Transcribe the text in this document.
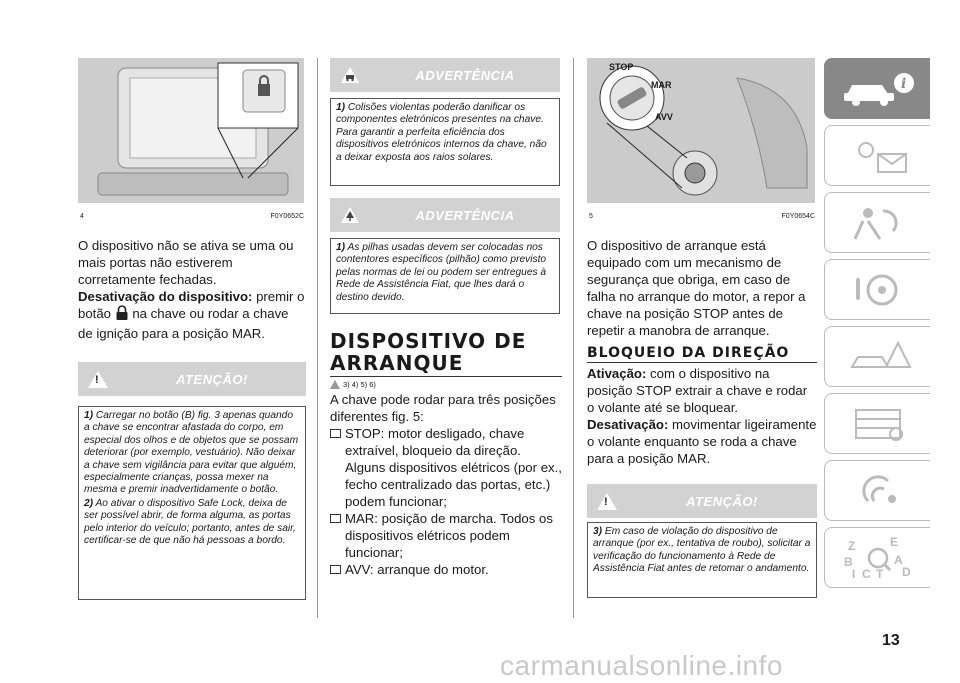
4	F0Y0652C

O dispositivo não se ativa se uma ou mais portas não estiverem corretamente fechadas.

Desativação do dispositivo: premir o botão  na chave ou rodar a chave de ignição para a posição MAR.

!	ATENÇÃO!

1) Carregar no botão (B) fig. 3 apenas quando a chave se encontrar afastada do corpo, em especial dos olhos e de objetos que se possam deteriorar (por exemplo, vestuário). Não deixar a chave sem vigilância para evitar que alguém, especialmente crianças, possa mexer na mesma e premir inadvertidamente o botão.

2) Ao ativar o dispositivo Safe Lock, deixa de ser possível abrir, de forma alguma, as portas pelo interior do veículo; portanto, antes de sair, certificar-se de que não há pessoas a bordo.

ADVERTÊNCIA

1) Colisões violentas poderão danificar os componentes eletrónicos presentes na chave. Para garantir a perfeita eficiência dos dispositivos eletrónicos internos da chave, não a deixar exposta aos raios solares.

ADVERTÊNCIA

1) As pilhas usadas devem ser colocadas nos contentores específicos (pilhão) como previsto pelas normas de lei ou podem ser entregues à Rede de Assistência Fiat, que lhes dará o destino devido.

DISPOSITIVO DE
ARRANQUE
3) 4) 5) 6)

A chave pode rodar para três posições diferentes fig. 5:

STOP: motor desligado, chave extraível, bloqueio da direção. Alguns dispositivos elétricos (por ex., fecho centralizado das portas, etc.) podem funcionar;
MAR: posição de marcha. Todos os dispositivos elétricos podem funcionar;
AVV: arranque do motor.
STOP
MAR
AVV
5	F0Y0654C

O dispositivo de arranque está equipado com um mecanismo de segurança que obriga, em caso de falha no arranque do motor, a repor a chave na posição STOP antes de repetir a manobra de arranque.

BLOQUEIO DA DIREÇÃO

Ativação: com o dispositivo na posição STOP extrair a chave e rodar o volante até se bloquear.

Desativação: movimentar ligeiramente o volante enquanto se roda a chave para a posição MAR.

!	ATENÇÃO!

3) Em caso de violação do dispositivo de arranque (por ex., tentativa de roubo), solicitar a verificação do funcionamento à Rede de Assistência Fiat antes de retomar o andamento.

i
Z	E
B	A
I C T D
13
carmanualsonline.info
